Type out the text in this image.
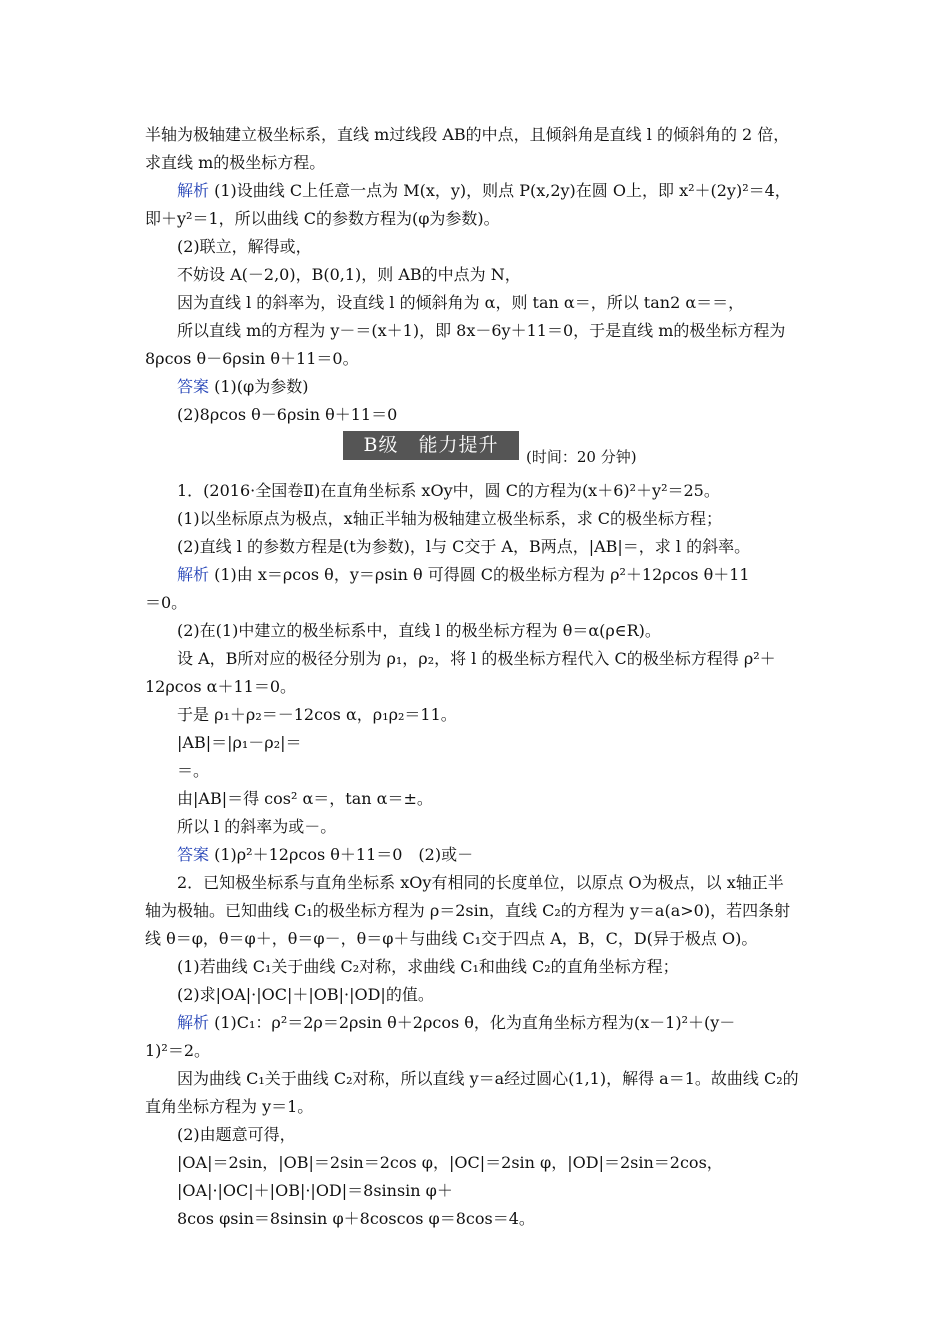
半轴为极轴建立极坐标系，直线 m过线段 AB的中点，且倾斜角是直线 l 的倾斜角的 2 倍，
求直线 m的极坐标方程。
解析 (1)设曲线 C上任意一点为 M(x，y)，则点 P(x,2y)在圆 O上，即 x²＋(2y)²＝4，
即＋y²＝1，所以曲线 C的参数方程为(φ为参数)。
(2)联立，解得或，
不妨设 A(－2,0)，B(0,1)，则 AB的中点为 N，
因为直线 l 的斜率为，设直线 l 的倾斜角为 α，则 tan α＝，所以 tan2 α＝＝，
所以直线 m的方程为 y－＝(x＋1)，即 8x－6y＋11＝0，于是直线 m的极坐标方程为
8ρcos θ－6ρsin θ＋11＝0。
答案 (1)(φ为参数)
(2)8ρcos θ－6ρsin θ＋11＝0
B级　能力提升
(时间：20 分钟)
1．(2016·全国卷Ⅱ)在直角坐标系 xOy中，圆 C的方程为(x＋6)²＋y²＝25。
(1)以坐标原点为极点，x轴正半轴为极轴建立极坐标系，求 C的极坐标方程；
(2)直线 l 的参数方程是(t为参数)，l与 C交于 A，B两点，|AB|＝，求 l 的斜率。
解析 (1)由 x＝ρcos θ，y＝ρsin θ 可得圆 C的极坐标方程为 ρ²＋12ρcos θ＋11
＝0。
(2)在(1)中建立的极坐标系中，直线 l 的极坐标方程为 θ＝α(ρ∈R)。
设 A，B所对应的极径分别为 ρ₁，ρ₂，将 l 的极坐标方程代入 C的极坐标方程得 ρ²＋
12ρcos α＋11＝0。
于是 ρ₁＋ρ₂＝－12cos α，ρ₁ρ₂＝11。
|AB|＝|ρ₁－ρ₂|＝
＝。
由|AB|＝得 cos² α＝，tan α＝±。
所以 l 的斜率为或－。
答案 (1)ρ²＋12ρcos θ＋11＝0　(2)或－
2．已知极坐标系与直角坐标系 xOy有相同的长度单位，以原点 O为极点，以 x轴正半
轴为极轴。已知曲线 C₁的极坐标方程为 ρ＝2sin，直线 C₂的方程为 y＝a(a>0)，若四条射
线 θ＝φ，θ＝φ＋，θ＝φ－，θ＝φ＋与曲线 C₁交于四点 A，B，C，D(异于极点 O)。
(1)若曲线 C₁关于曲线 C₂对称，求曲线 C₁和曲线 C₂的直角坐标方程；
(2)求|OA|·|OC|＋|OB|·|OD|的值。
解析 (1)C₁：ρ²＝2ρ＝2ρsin θ＋2ρcos θ，化为直角坐标方程为(x－1)²＋(y－
1)²＝2。
因为曲线 C₁关于曲线 C₂对称，所以直线 y＝a经过圆心(1,1)，解得 a＝1。故曲线 C₂的
直角坐标方程为 y＝1。
(2)由题意可得，
|OA|＝2sin，|OB|＝2sin＝2cos φ，|OC|＝2sin φ，|OD|＝2sin＝2cos，
|OA|·|OC|＋|OB|·|OD|＝8sinsin φ＋
8cos φsin＝8sinsin φ＋8coscos φ＝8cos＝4。
